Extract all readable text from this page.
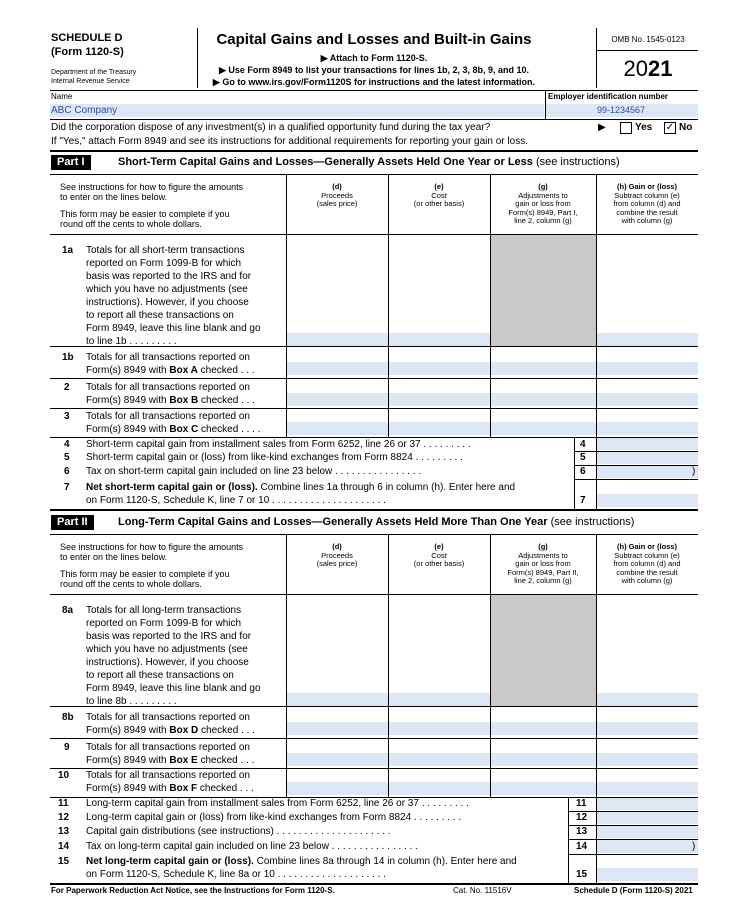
SCHEDULE D
(Form 1120-S)
Department of the Treasury
Internal Revenue Service
Capital Gains and Losses and Built-in Gains
▶ Attach to Form 1120-S.
▶ Use Form 8949 to list your transactions for lines 1b, 2, 3, 8b, 9, and 10.
▶ Go to www.irs.gov/Form1120S for instructions and the latest information.
OMB No. 1545-0123
2021
Name
ABC Company
Employer identification number
99-1234567
Did the corporation dispose of any investment(s) in a qualified opportunity fund during the tax year?	▶	Yes ✓ No
If "Yes," attach Form 8949 and see its instructions for additional requirements for reporting your gain or loss.
Part I	Short-Term Capital Gains and Losses—Generally Assets Held One Year or Less (see instructions)
See instructions for how to figure the amounts
to enter on the lines below.
This form may be easier to complete if you
round off the cents to whole dollars.
(d)
Proceeds
(sales price)
(e)
Cost
(or other basis)
(g)
Adjustments to
gain or loss from
Form(s) 8949, Part I,
line 2, column (g)
(h) Gain or (loss)
Subtract column (e)
from column (d) and
combine the result
with column (g)
1a Totals for all short-term transactions
reported on Form 1099-B for which
basis was reported to the IRS and for
which you have no adjustments (see
instructions). However, if you choose
to report all these transactions on
Form 8949, leave this line blank and go
to line 1b . . . . . . . . .
1b Totals for all transactions reported on
Form(s) 8949 with Box A checked . . .
2 Totals for all transactions reported on
Form(s) 8949 with Box B checked . . .
3 Totals for all transactions reported on
Form(s) 8949 with Box C checked . . . .
4 Short-term capital gain from installment sales from Form 6252, line 26 or 37 . . . . . . . . .	4
5 Short-term capital gain or (loss) from like-kind exchanges from Form 8824 . . . . . . . . .	5
6 Tax on short-term capital gain included on line 23 below . . . . . . . . . . . . . . . .	6	)
7 Net short-term capital gain or (loss). Combine lines 1a through 6 in column (h). Enter here and
on Form 1120-S, Schedule K, line 7 or 10 . . . . . . . . . . . . . . . . . . . . .	7
Part II	Long-Term Capital Gains and Losses—Generally Assets Held More Than One Year (see instructions)
See instructions for how to figure the amounts
to enter on the lines below.
This form may be easier to complete if you
round off the cents to whole dollars.
(d)
Proceeds
(sales price)
(e)
Cost
(or other basis)
(g)
Adjustments to
gain or loss from
Form(s) 8949, Part II,
line 2, column (g)
(h) Gain or (loss)
Subtract column (e)
from column (d) and
combine the result
with column (g)
8a Totals for all long-term transactions
reported on Form 1099-B for which
basis was reported to the IRS and for
which you have no adjustments (see
instructions). However, if you choose
to report all these transactions on
Form 8949, leave this line blank and go
to line 8b . . . . . . . . .
8b Totals for all transactions reported on
Form(s) 8949 with Box D checked . . .
9 Totals for all transactions reported on
Form(s) 8949 with Box E checked . . .
10 Totals for all transactions reported on
Form(s) 8949 with Box F checked . . .
11 Long-term capital gain from installment sales from Form 6252, line 26 or 37 . . . . . . . . .	11
12 Long-term capital gain or (loss) from like-kind exchanges from Form 8824 . . . . . . . . .	12
13 Capital gain distributions (see instructions) . . . . . . . . . . . . . . . . . . . . .	13
14 Tax on long-term capital gain included on line 23 below . . . . . . . . . . . . . . . .	14	)
15 Net long-term capital gain or (loss). Combine lines 8a through 14 in column (h). Enter here and
on Form 1120-S, Schedule K, line 8a or 10 . . . . . . . . . . . . . . . . . . . .	15
For Paperwork Reduction Act Notice, see the Instructions for Form 1120-S.	Cat. No. 11516V	Schedule D (Form 1120-S) 2021
